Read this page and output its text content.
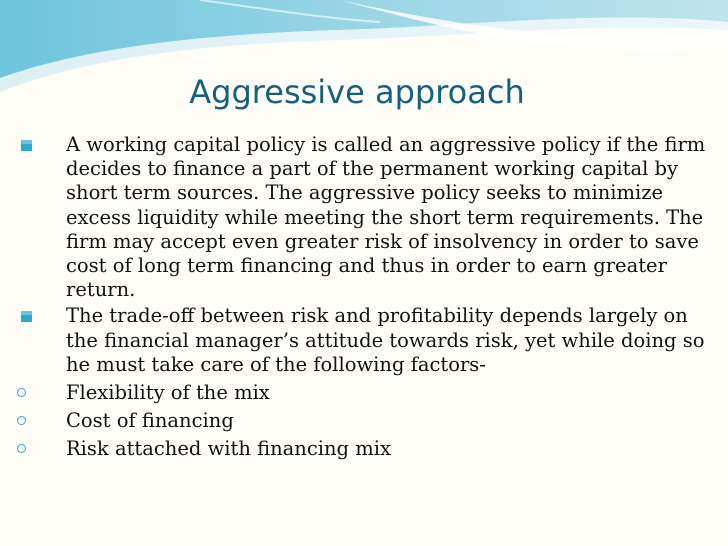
Aggressive approach
A working capital policy is called an aggressive policy if the firm decides to finance a part of the permanent working capital by short term sources. The aggressive policy seeks to minimize excess liquidity while meeting the short term requirements. The firm may accept even greater risk of insolvency in order to save cost of long term financing and thus in order to earn greater return.
The trade-off between risk and profitability depends largely on the financial manager’s attitude towards risk, yet while doing so he must take care of the following factors-
Flexibility of the mix
Cost of financing
Risk attached with financing mix
